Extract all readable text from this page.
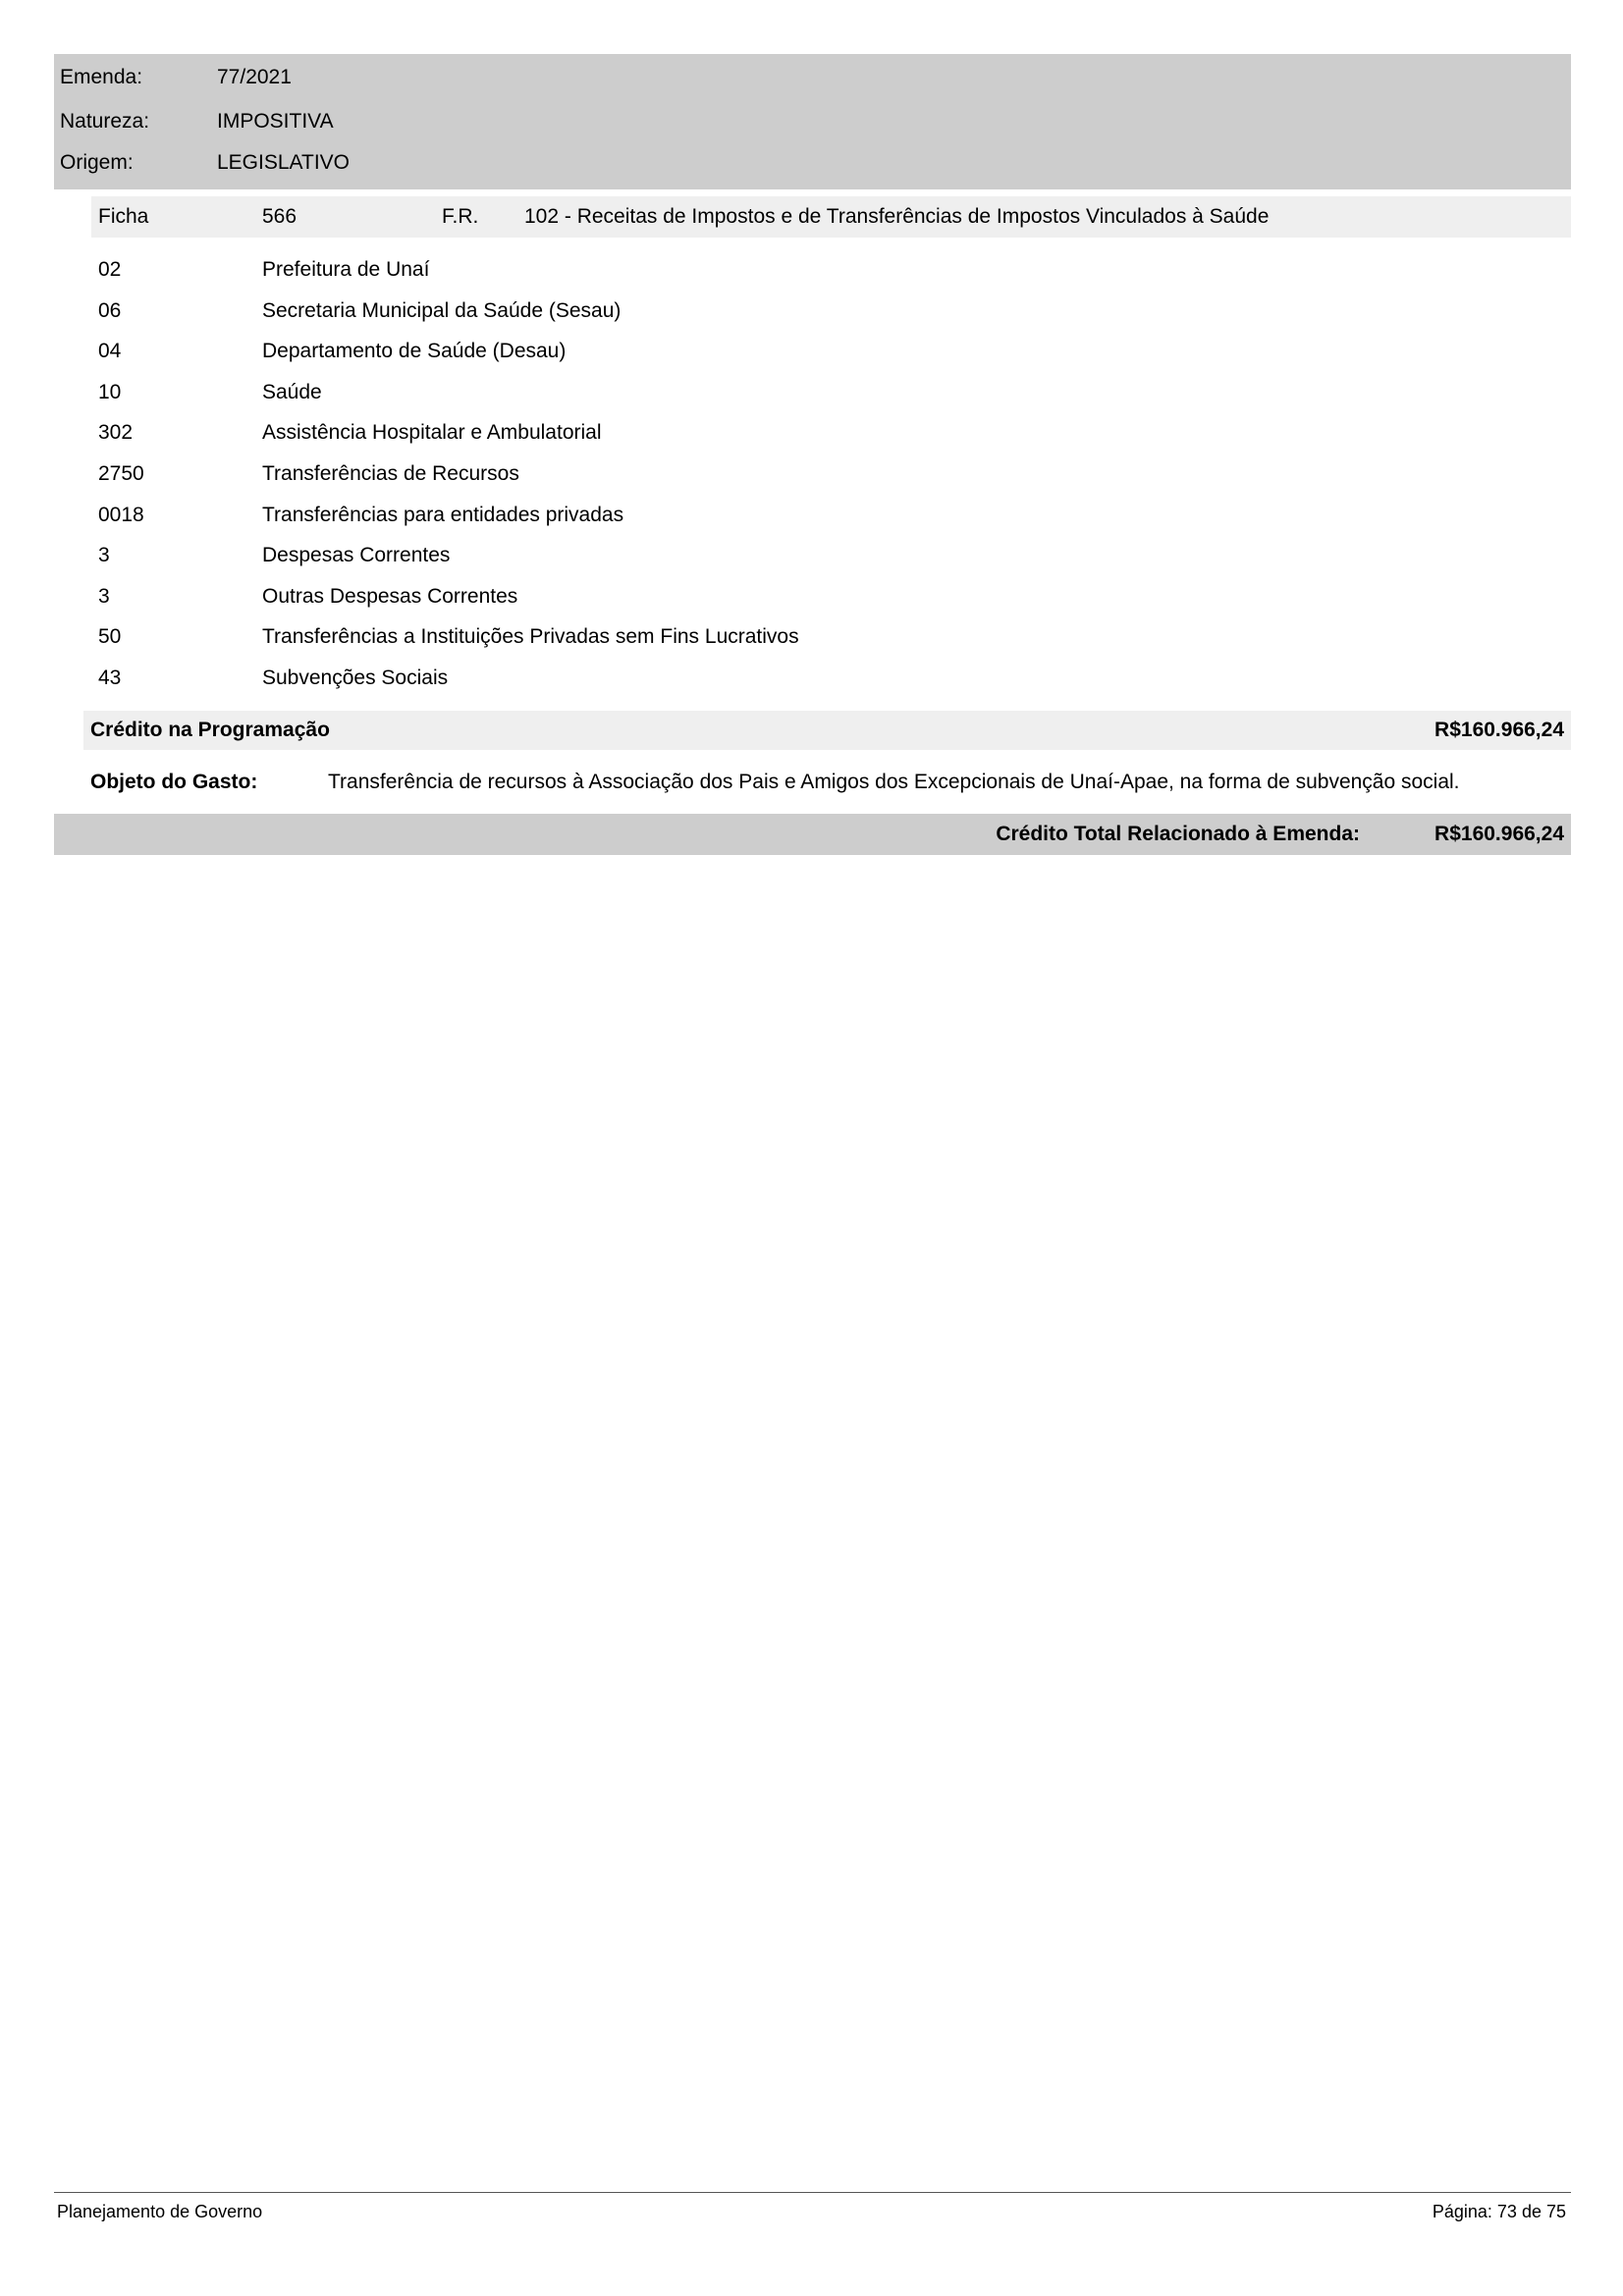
Emenda:	77/2021
Natureza:	IMPOSITIVA
Origem:	LEGISLATIVO
Ficha	566	F.R. 102 - Receitas de Impostos e de Transferências de Impostos Vinculados à Saúde
02	Prefeitura de Unaí
06	Secretaria Municipal da Saúde (Sesau)
04	Departamento de Saúde (Desau)
10	Saúde
302	Assistência Hospitalar e Ambulatorial
2750	Transferências de Recursos
0018	Transferências para entidades privadas
3	Despesas Correntes
3	Outras Despesas Correntes
50	Transferências a Instituições Privadas sem Fins Lucrativos
43	Subvenções Sociais
Crédito na Programação	R$160.966,24
Objeto do Gasto:	Transferência de recursos à Associação dos Pais e Amigos dos Excepcionais de Unaí-Apae, na forma de subvenção social.
Crédito Total Relacionado à Emenda:	R$160.966,24
Planejamento de Governo	Página: 73 de 75
